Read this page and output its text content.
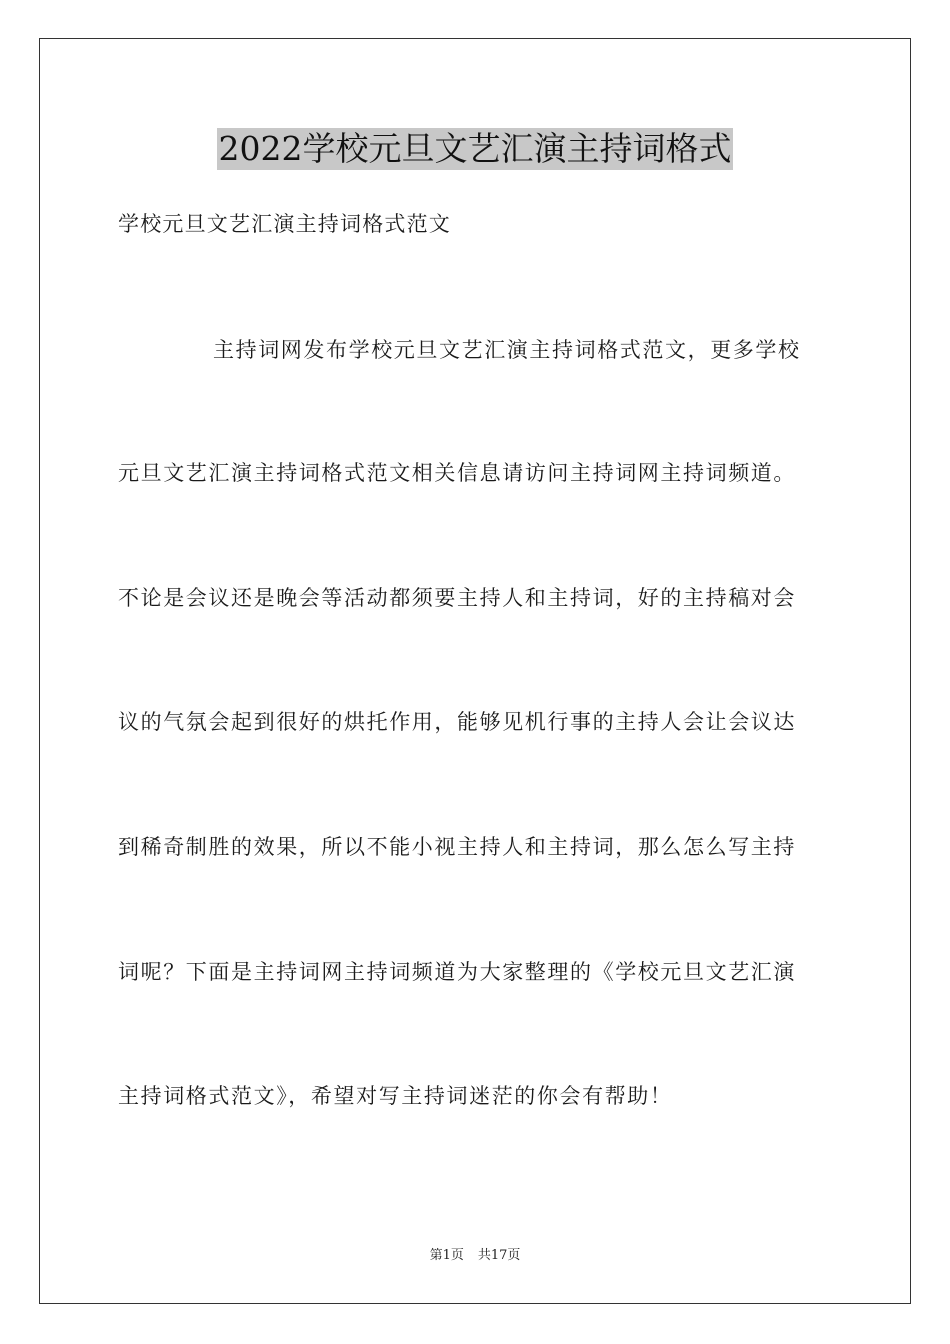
2022学校元旦文艺汇演主持词格式
学校元旦文艺汇演主持词格式范文
主持词网发布学校元旦文艺汇演主持词格式范文，更多学校
元旦文艺汇演主持词格式范文相关信息请访问主持词网主持词频道。
不论是会议还是晚会等活动都须要主持人和主持词，好的主持稿对会
议的气氛会起到很好的烘托作用，能够见机行事的主持人会让会议达
到稀奇制胜的效果，所以不能小视主持人和主持词，那么怎么写主持
词呢？下面是主持词网主持词频道为大家整理的《学校元旦文艺汇演
主持词格式范文》，希望对写主持词迷茫的你会有帮助！
第1页 共17页
